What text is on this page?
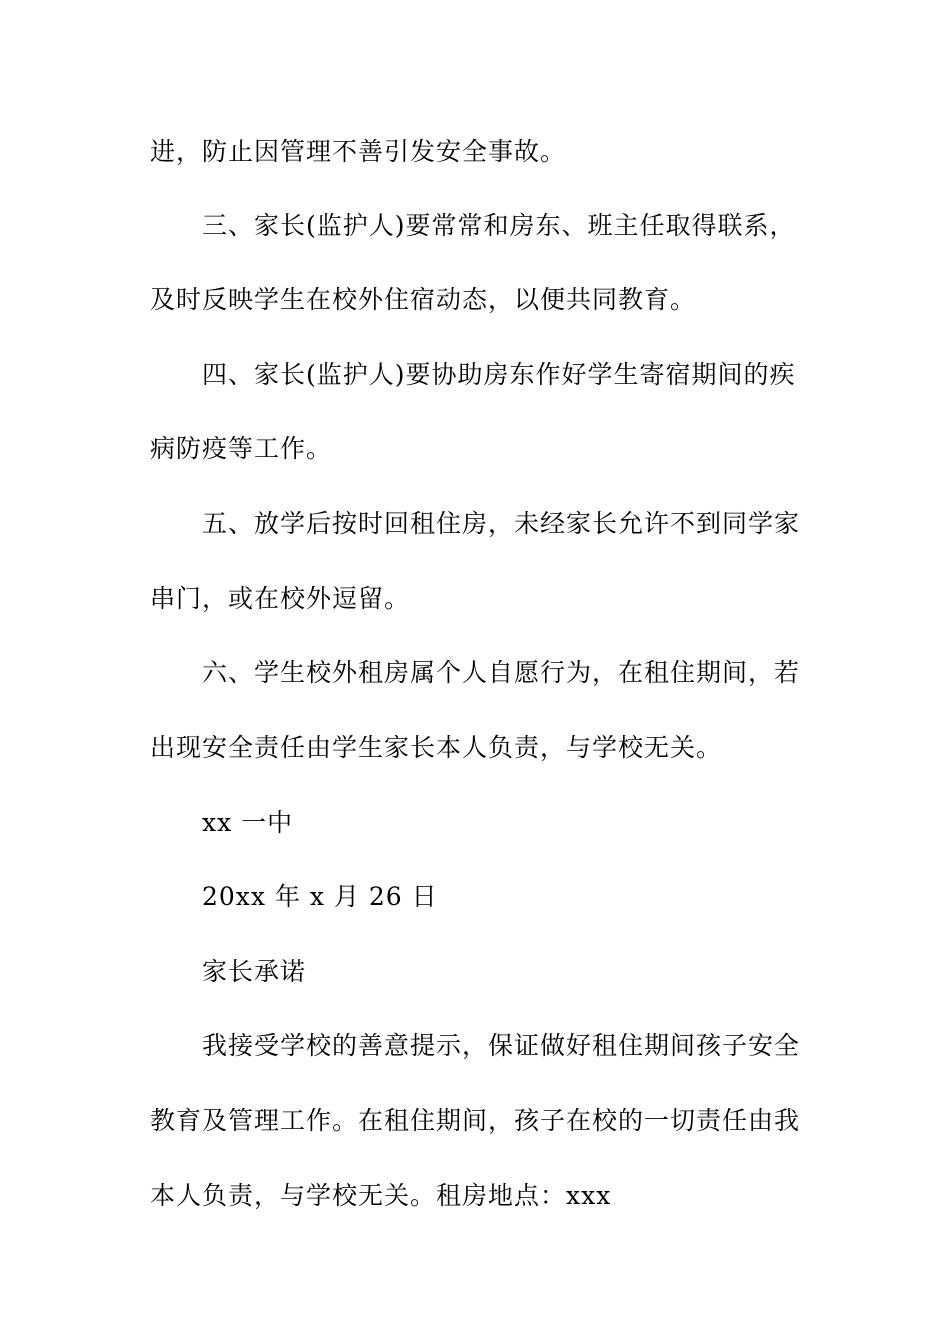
进，防止因管理不善引发安全事故。
三、家长(监护人)要常常和房东、班主任取得联系，
及时反映学生在校外住宿动态，以便共同教育。
四、家长(监护人)要协助房东作好学生寄宿期间的疾
病防疫等工作。
五、放学后按时回租住房，未经家长允许不到同学家
串门，或在校外逗留。
六、学生校外租房属个人自愿行为，在租住期间，若
出现安全责任由学生家长本人负责，与学校无关。
xx 一中
20xx 年 x 月 26 日
家长承诺
我接受学校的善意提示，保证做好租住期间孩子安全
教育及管理工作。在租住期间，孩子在校的一切责任由我
本人负责，与学校无关。租房地点：xxx
